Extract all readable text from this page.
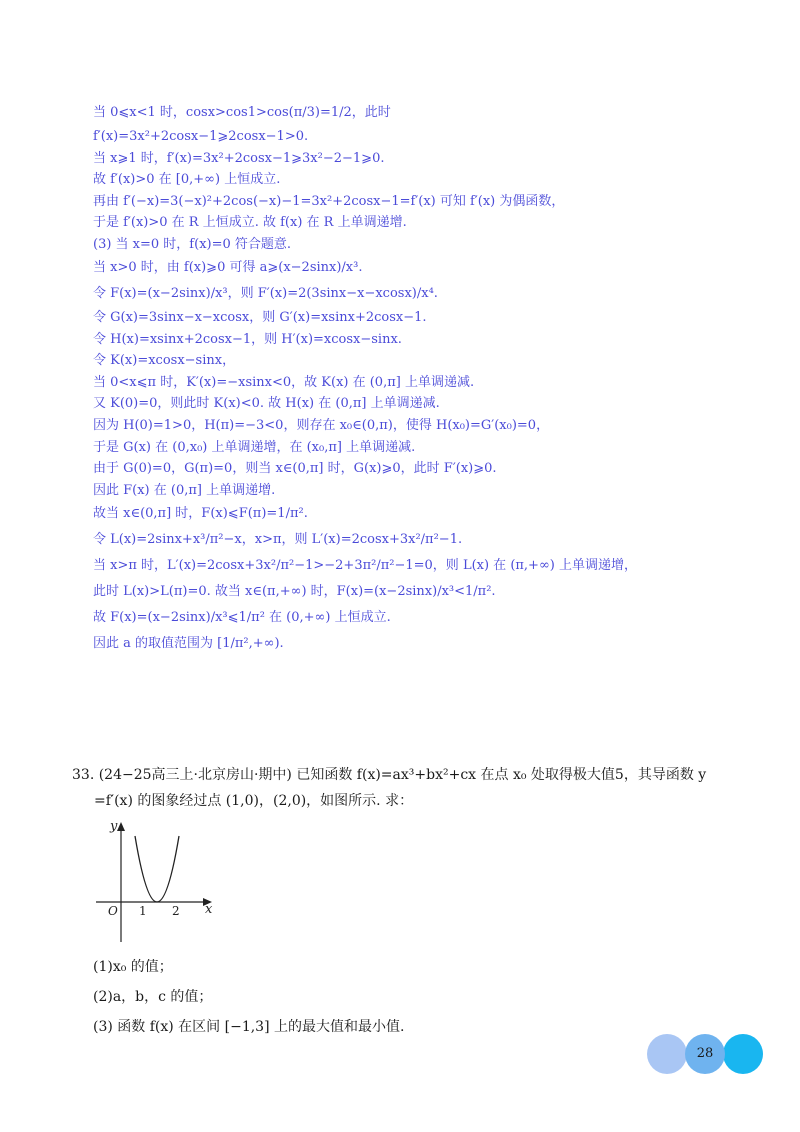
当 0⩽x<1 时，cosx>cos1>cos(π/3)=1/2，此时
f′(x)=3x²+2cosx−1⩾2cosx−1>0.
当 x⩾1 时，f′(x)=3x²+2cosx−1⩾3x²−2−1⩾0.
故 f′(x)>0 在 [0,+∞) 上恒成立.
再由 f′(−x)=3(−x)²+2cos(−x)−1=3x²+2cosx−1=f′(x) 可知 f′(x) 为偶函数，
于是 f′(x)>0 在 R 上恒成立. 故 f(x) 在 R 上单调递增.
(3) 当 x=0 时，f(x)=0 符合题意.
当 x>0 时，由 f(x)⩾0 可得 a⩾(x−2sinx)/x³.
令 F(x)=(x−2sinx)/x³，则 F′(x)=2(3sinx−x−xcosx)/x⁴.
令 G(x)=3sinx−x−xcosx，则 G′(x)=xsinx+2cosx−1.
令 H(x)=xsinx+2cosx−1，则 H′(x)=xcosx−sinx.
令 K(x)=xcosx−sinx，
当 0<x⩽π 时，K′(x)=−xsinx<0，故 K(x) 在 (0,π] 上单调递减.
又 K(0)=0，则此时 K(x)<0. 故 H(x) 在 (0,π] 上单调递减.
因为 H(0)=1>0，H(π)=−3<0，则存在 x₀∈(0,π)，使得 H(x₀)=G′(x₀)=0，
于是 G(x) 在 (0,x₀) 上单调递增，在 (x₀,π] 上单调递减.
由于 G(0)=0，G(π)=0，则当 x∈(0,π] 时，G(x)⩾0，此时 F′(x)⩾0.
因此 F(x) 在 (0,π] 上单调递增.
故当 x∈(0,π] 时，F(x)⩽F(π)=1/π².
令 L(x)=2sinx+x³/π²−x，x>π，则 L′(x)=2cosx+3x²/π²−1.
当 x>π 时，L′(x)=2cosx+3x²/π²−1>−2+3π²/π²−1=0，则 L(x) 在 (π,+∞) 上单调递增，
此时 L(x)>L(π)=0. 故当 x∈(π,+∞) 时，F(x)=(x−2sinx)/x³<1/π².
故 F(x)=(x−2sinx)/x³⩽1/π² 在 (0,+∞) 上恒成立.
因此 a 的取值范围为 [1/π²,+∞).
33. (24−25高三上·北京房山·期中) 已知函数 f(x)=ax³+bx²+cx 在点 x₀ 处取得极大值5，其导函数 y
=f′(x) 的图象经过点 (1,0)，(2,0)，如图所示. 求：
y
x
O 1 2
(1)x₀ 的值；
(2)a，b，c 的值；
(3) 函数 f(x) 在区间 [−1,3] 上的最大值和最小值.
28
